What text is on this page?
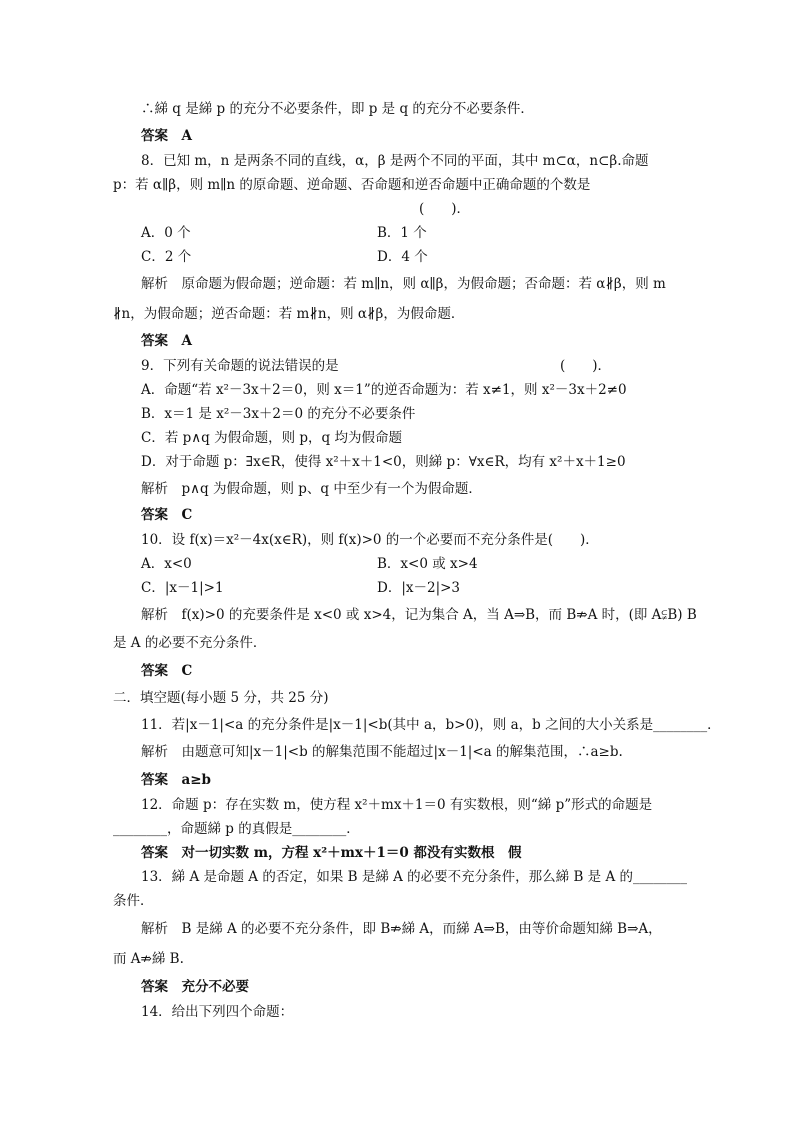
∴綈 q 是綈 p 的充分不必要条件，即 p 是 q 的充分不必要条件．
答案　A
8．已知 m，n 是两条不同的直线，α，β 是两个不同的平面，其中 m⊂α，n⊂β.命题
p：若 α∥β，则 m∥n 的原命题、逆命题、否命题和逆否命题中正确命题的个数是
(　　)．
A．0 个	B．1 个
C．2 个	D．4 个
解析　原命题为假命题；逆命题：若 m∥n，则 α∥β，为假命题；否命题：若 α∦β，则 m
∦n，为假命题；逆否命题：若 m∦n，则 α∦β，为假命题．
答案　A
9．下列有关命题的说法错误的是	(　　)．
A．命题“若 x²－3x＋2＝0，则 x＝1”的逆否命题为：若 x≠1，则 x²－3x＋2≠0
B．x＝1 是 x²－3x＋2＝0 的充分不必要条件
C．若 p∧q 为假命题，则 p，q 均为假命题
D．对于命题 p：∃x∈R，使得 x²＋x＋1<0，则綈 p：∀x∈R，均有 x²＋x＋1≥0
解析　p∧q 为假命题，则 p、q 中至少有一个为假命题．
答案　C
10．设 f(x)＝x²－4x(x∈R)，则 f(x)>0 的一个必要而不充分条件是(　　)．
A．x<0	B．x<0 或 x>4
C．|x－1|>1	D．|x－2|>3
解析　f(x)>0 的充要条件是 x<0 或 x>4，记为集合 A，当 A⇒B，而 B⇏A 时，(即 A⫋B) B
是 A 的必要不充分条件．
答案　C
二．填空题(每小题 5 分，共 25 分)
11．若|x－1|<a 的充分条件是|x－1|<b(其中 a，b>0)，则 a，b 之间的大小关系是________．
解析　由题意可知|x－1|<b 的解集范围不能超过|x－1|<a 的解集范围，∴a≥b.
答案　a≥b
12．命题 p：存在实数 m，使方程 x²＋mx＋1＝0 有实数根，则“綈 p”形式的命题是
________，命题綈 p 的真假是________．
答案　对一切实数 m，方程 x²＋mx＋1＝0 都没有实数根　假
13．綈 A 是命题 A 的否定，如果 B 是綈 A 的必要不充分条件，那么綈 B 是 A 的________
条件．
解析　B 是綈 A 的必要不充分条件，即 B⇏綈 A，而綈 A⇒B，由等价命题知綈 B⇒A，
而 A⇏綈 B.
答案　充分不必要
14．给出下列四个命题：
